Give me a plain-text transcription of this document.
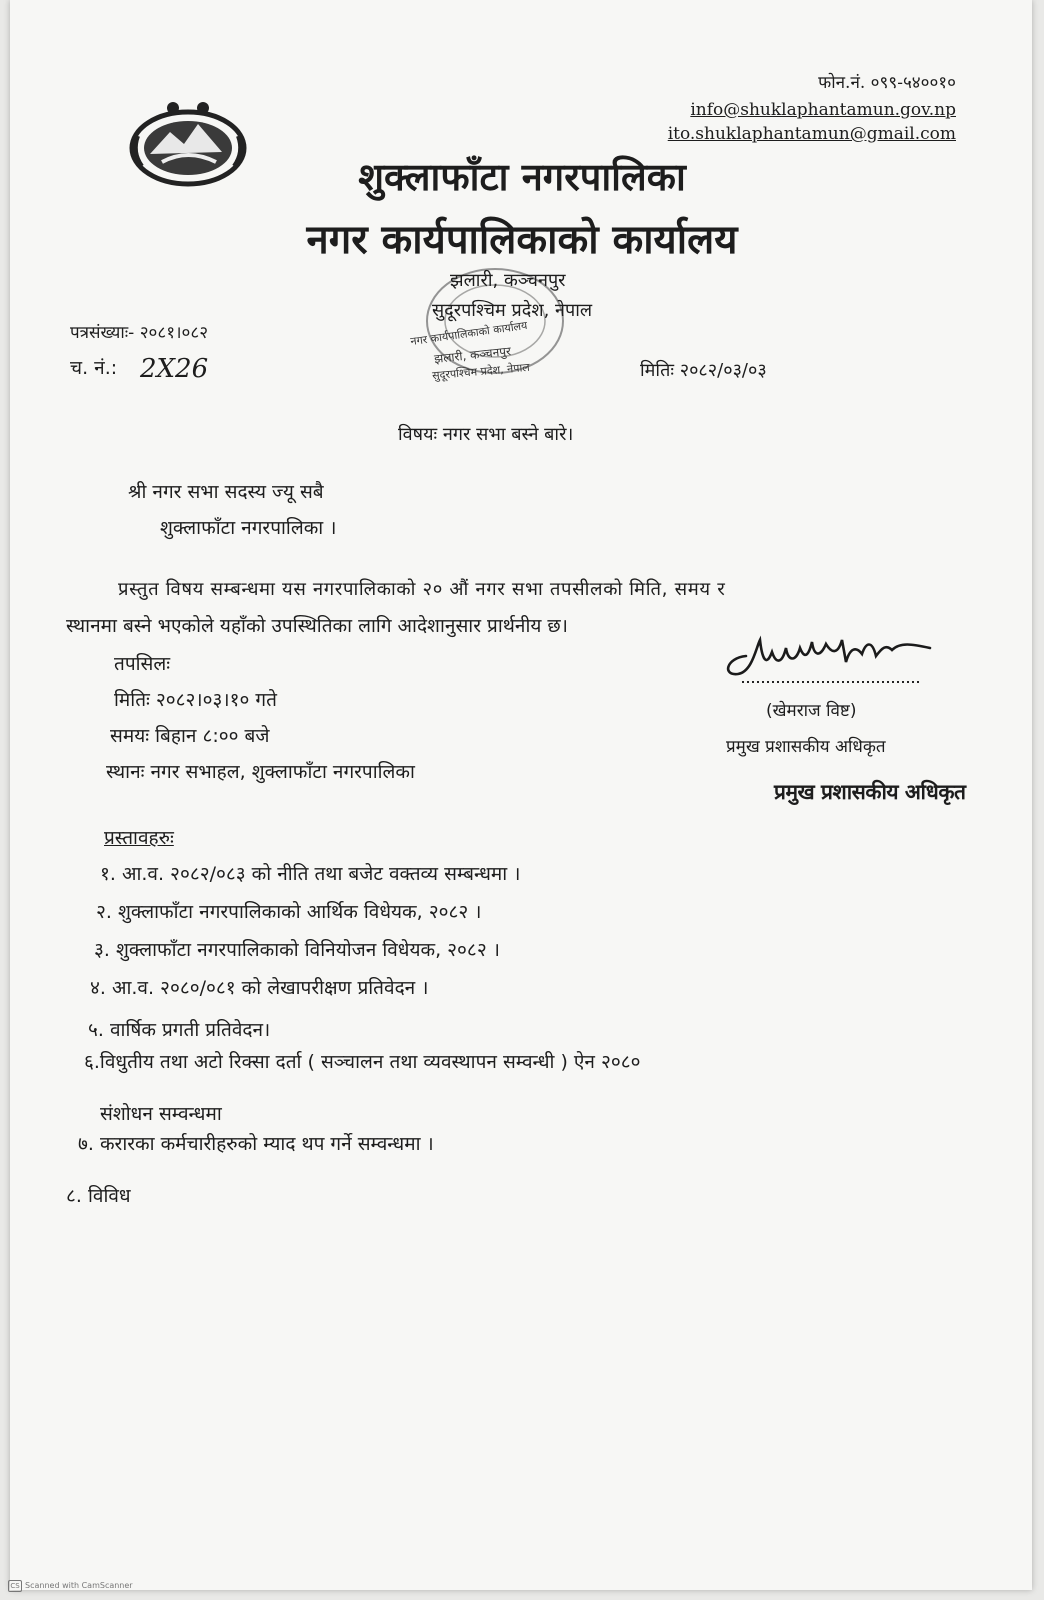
फोन.नं. ०९९-५४००१०
info@shuklaphantamun.gov.np
ito.shuklaphantamun@gmail.com
शुक्लाफाँटा नगरपालिका
नगर कार्यपालिकाको कार्यालय
झलारी, कञ्चनपुर
सुदूरपश्चिम प्रदेश, नेपाल
नगर कार्यपालिकाको कार्यालय
झलारी, कञ्चनपुर
सुदूरपश्चिम प्रदेश, नेपाल
पत्रसंख्याः- २०८१।०८२
च. नं.: 2X26	मितिः २०८२/०३/०३
विषयः नगर सभा बस्ने बारे।
श्री नगर सभा सदस्य ज्यू सबै
शुक्लाफाँटा नगरपालिका ।
प्रस्तुत विषय सम्बन्धमा यस नगरपालिकाको २० औं नगर सभा तपसीलको मिति, समय र
स्थानमा बस्ने भएकोले यहाँको उपस्थितिका लागि आदेशानुसार प्रार्थनीय छ।
तपसिलः
मितिः २०८२।०३।१० गते
समयः बिहान ८:०० बजे
स्थानः नगर सभाहल, शुक्लाफाँटा नगरपालिका
(खेमराज विष्ट)
प्रमुख प्रशासकीय अधिकृत
प्रमुख प्रशासकीय अधिकृत
प्रस्तावहरुः
१. आ.व. २०८२/०८३ को नीति तथा बजेट वक्तव्य सम्बन्धमा ।
२. शुक्लाफाँटा नगरपालिकाको आर्थिक विधेयक, २०८२ ।
३. शुक्लाफाँटा नगरपालिकाको विनियोजन विधेयक, २०८२ ।
४. आ.व. २०८०/०८१ को लेखापरीक्षण प्रतिवेदन ।
५. वार्षिक प्रगती प्रतिवेदन।
६.विधुतीय तथा अटो रिक्सा दर्ता ( सञ्चालन तथा व्यवस्थापन सम्वन्धी ) ऐन २०८०
संशोधन सम्वन्धमा
७. करारका कर्मचारीहरुको म्याद थप गर्ने सम्वन्धमा ।
८. विविध
CS Scanned with CamScanner
